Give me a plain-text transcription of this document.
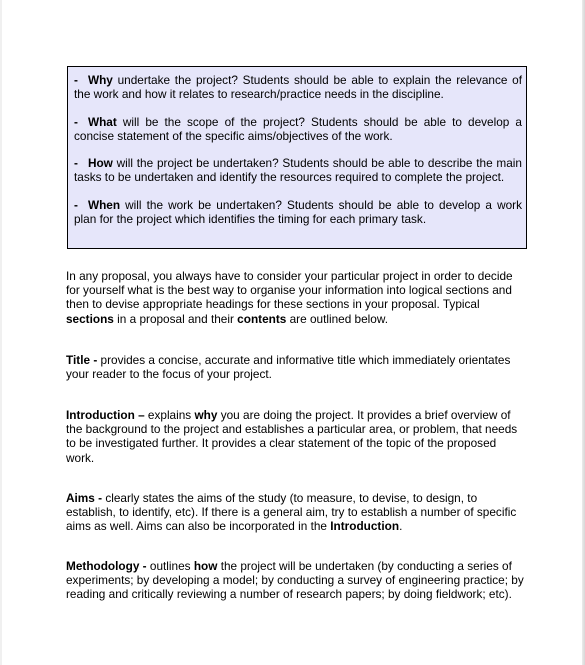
- Why undertake the project? Students should be able to explain the relevance of the work and how it relates to research/practice needs in the discipline.

- What will be the scope of the project? Students should be able to develop a concise statement of the specific aims/objectives of the work.

- How will the project be undertaken? Students should be able to describe the main tasks to be undertaken and identify the resources required to complete the project.

- When will the work be undertaken? Students should be able to develop a work plan for the project which identifies the timing for each primary task.

In any proposal, you always have to consider your particular project in order to decide for yourself what is the best way to organise your information into logical sections and then to devise appropriate headings for these sections in your proposal. Typical sections in a proposal and their contents are outlined below.

Title - provides a concise, accurate and informative title which immediately orientates your reader to the focus of your project.

Introduction – explains why you are doing the project. It provides a brief overview of the background to the project and establishes a particular area, or problem, that needs to be investigated further. It provides a clear statement of the topic of the proposed work.

Aims - clearly states the aims of the study (to measure, to devise, to design, to establish, to identify, etc). If there is a general aim, try to establish a number of specific aims as well. Aims can also be incorporated in the Introduction.

Methodology - outlines how the project will be undertaken (by conducting a series of experiments; by developing a model; by conducting a survey of engineering practice; by reading and critically reviewing a number of research papers; by doing fieldwork; etc).
